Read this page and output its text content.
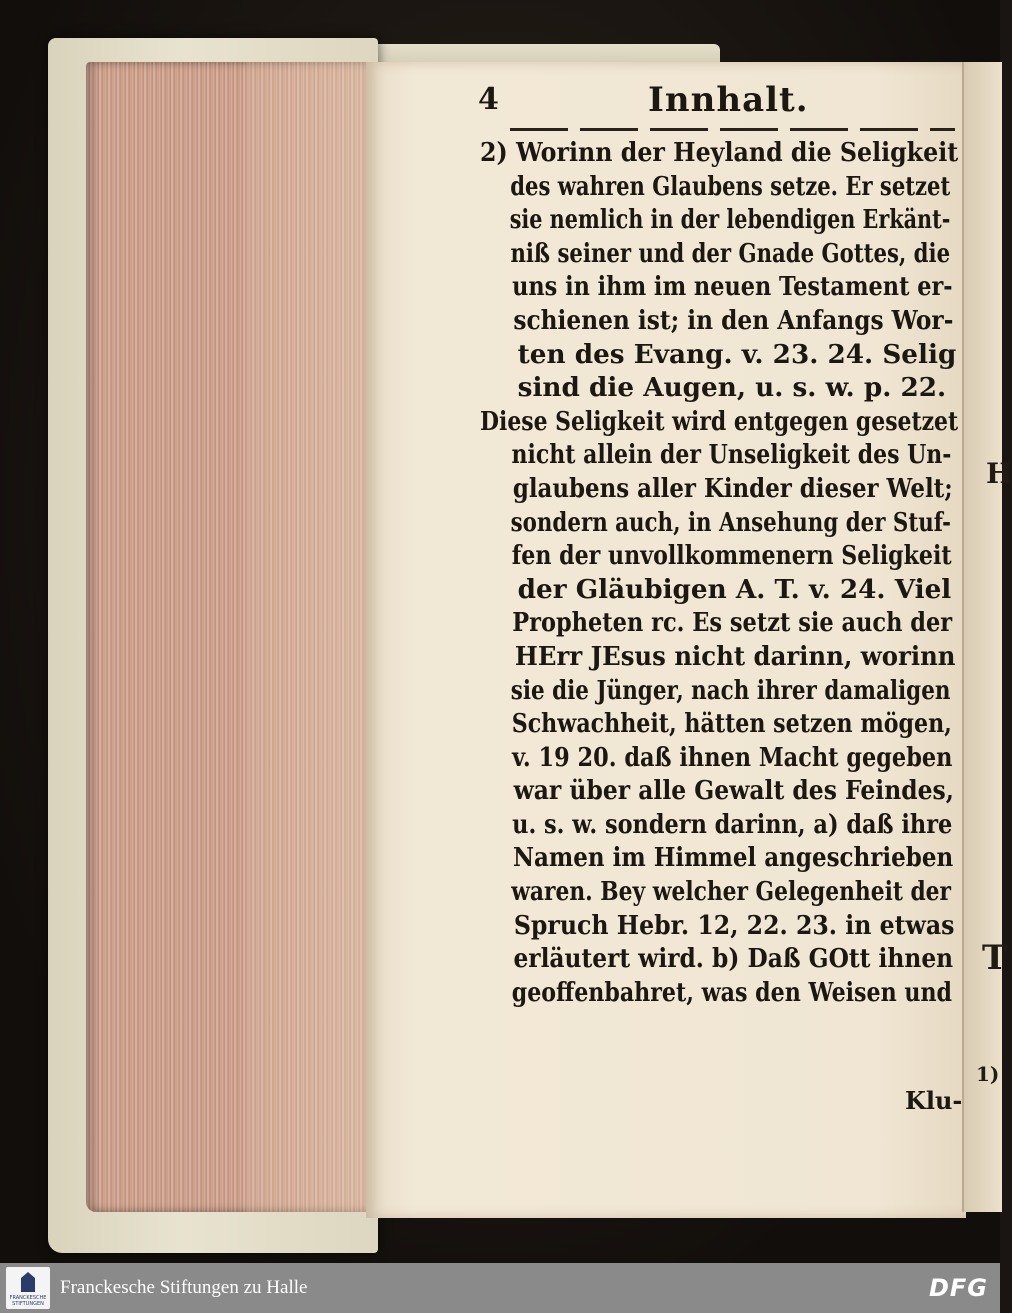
H
T
1)
4	Innhalt.
2) Worinn der Heyland die Seligkeit
des wahren Glaubens setze. Er setzet
sie nemlich in der lebendigen Erkänt-
niß seiner und der Gnade Gottes, die
uns in ihm im neuen Testament er-
schienen ist; in den Anfangs Wor-
ten des Evang. v. 23. 24. Selig
sind die Augen, u. s. w. p. 22.
Diese Seligkeit wird entgegen gesetzet
nicht allein der Unseligkeit des Un-
glaubens aller Kinder dieser Welt;
sondern auch, in Ansehung der Stuf-
fen der unvollkommenern Seligkeit
der Gläubigen A. T. v. 24. Viel
Propheten rc. Es setzt sie auch der
HErr JEsus nicht darinn, worinn
sie die Jünger, nach ihrer damaligen
Schwachheit, hätten setzen mögen,
v. 19 20. daß ihnen Macht gegeben
war über alle Gewalt des Feindes,
u. s. w. sondern darinn, a) daß ihre
Namen im Himmel angeschrieben
waren. Bey welcher Gelegenheit der
Spruch Hebr. 12, 22. 23. in etwas
erläutert wird. b) Daß GOtt ihnen
geoffenbahret, was den Weisen und
Klu-
FRANCKESCHE STIFTUNGEN
Franckesche Stiftungen zu Halle	DFG
